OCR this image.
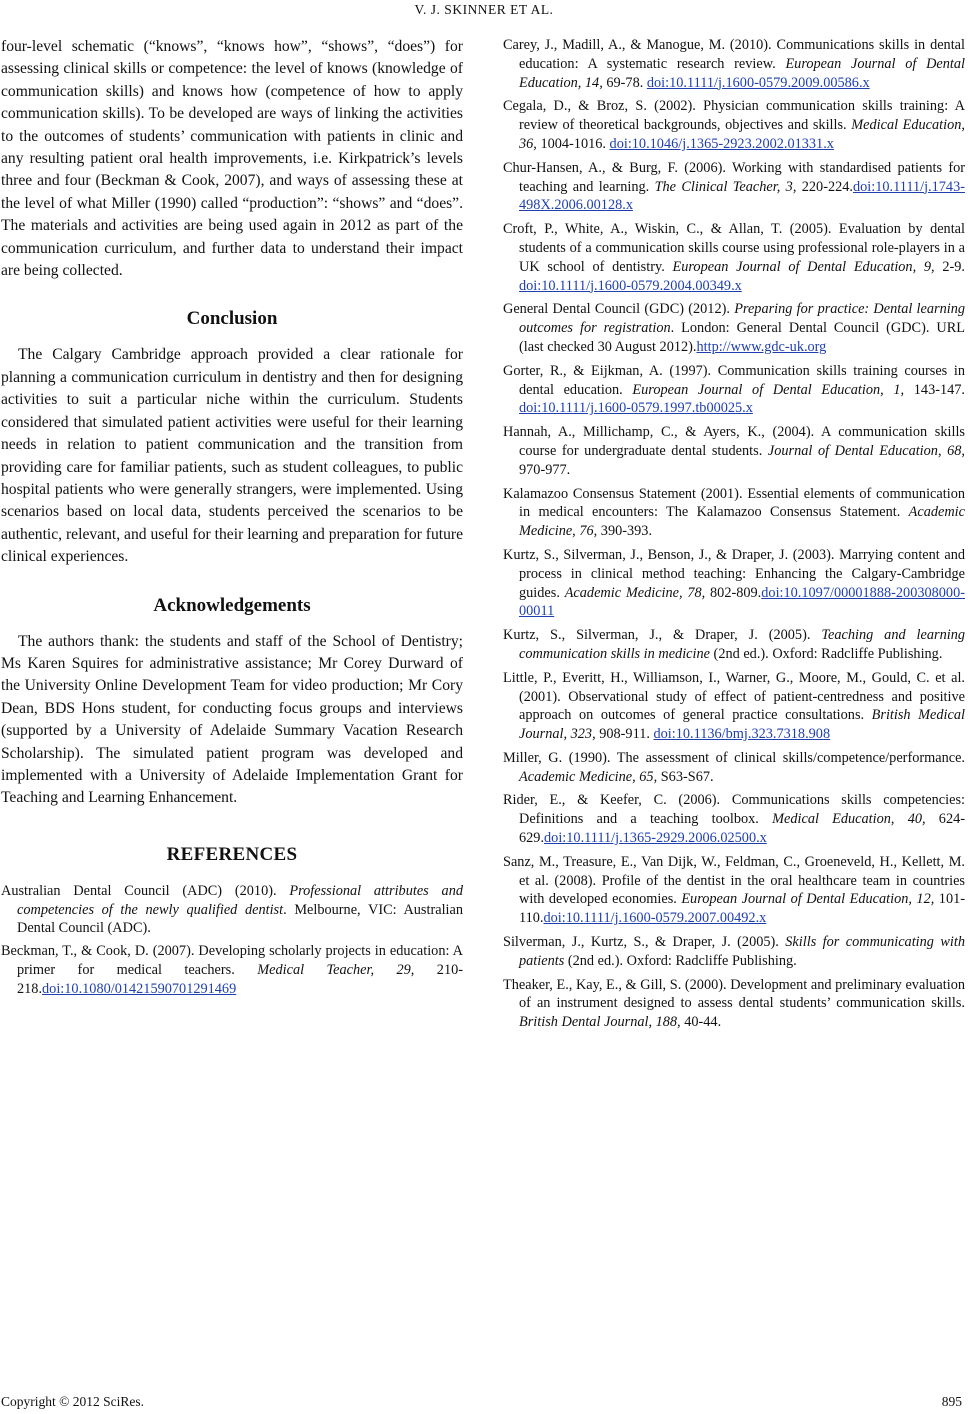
V. J. SKINNER ET AL.

four-level schematic (“knows”, “knows how”, “shows”, “does”) for assessing clinical skills or competence: the level of knows (knowledge of communication skills) and knows how (competence of how to apply communication skills). To be developed are ways of linking the activities to the outcomes of students’ communication with patients in clinic and any resulting patient oral health improvements, i.e. Kirkpatrick’s levels three and four (Beckman & Cook, 2007), and ways of assessing these at the level of what Miller (1990) called “production”: “shows” and “does”. The materials and activities are being used again in 2012 as part of the communication curriculum, and further data to understand their impact are being collected.

Conclusion

The Calgary Cambridge approach provided a clear rationale for planning a communication curriculum in dentistry and then for designing activities to suit a particular niche within the curriculum. Students considered that simulated patient activities were useful for their learning needs in relation to patient communication and the transition from providing care for familiar patients, such as student colleagues, to public hospital patients who were generally strangers, were implemented. Using scenarios based on local data, students perceived the scenarios to be authentic, relevant, and useful for their learning and preparation for future clinical experiences.

Acknowledgements

The authors thank: the students and staff of the School of Dentistry; Ms Karen Squires for administrative assistance; Mr Corey Durward of the University Online Development Team for video production; Mr Cory Dean, BDS Hons student, for conducting focus groups and interviews (supported by a University of Adelaide Summary Vacation Research Scholarship). The simulated patient program was developed and implemented with a University of Adelaide Implementation Grant for Teaching and Learning Enhancement.

REFERENCES

Australian Dental Council (ADC) (2010). Professional attributes and competencies of the newly qualified dentist. Melbourne, VIC: Australian Dental Council (ADC).

Beckman, T., & Cook, D. (2007). Developing scholarly projects in education: A primer for medical teachers. Medical Teacher, 29, 210-218.doi:10.1080/01421590701291469

Carey, J., Madill, A., & Manogue, M. (2010). Communications skills in dental education: A systematic research review. European Journal of Dental Education, 14, 69-78. doi:10.1111/j.1600-0579.2009.00586.x

Cegala, D., & Broz, S. (2002). Physician communication skills training: A review of theoretical backgrounds, objectives and skills. Medical Education, 36, 1004-1016. doi:10.1046/j.1365-2923.2002.01331.x

Chur-Hansen, A., & Burg, F. (2006). Working with standardised patients for teaching and learning. The Clinical Teacher, 3, 220-224.doi:10.1111/j.1743-498X.2006.00128.x

Croft, P., White, A., Wiskin, C., & Allan, T. (2005). Evaluation by dental students of a communication skills course using professional role-players in a UK school of dentistry. European Journal of Dental Education, 9, 2-9. doi:10.1111/j.1600-0579.2004.00349.x

General Dental Council (GDC) (2012). Preparing for practice: Dental learning outcomes for registration. London: General Dental Council (GDC). URL (last checked 30 August 2012).http://www.gdc-uk.org

Gorter, R., & Eijkman, A. (1997). Communication skills training courses in dental education. European Journal of Dental Education, 1, 143-147. doi:10.1111/j.1600-0579.1997.tb00025.x

Hannah, A., Millichamp, C., & Ayers, K., (2004). A communication skills course for undergraduate dental students. Journal of Dental Education, 68, 970-977.

Kalamazoo Consensus Statement (2001). Essential elements of communication in medical encounters: The Kalamazoo Consensus Statement. Academic Medicine, 76, 390-393.

Kurtz, S., Silverman, J., Benson, J., & Draper, J. (2003). Marrying content and process in clinical method teaching: Enhancing the Calgary-Cambridge guides. Academic Medicine, 78, 802-809.doi:10.1097/00001888-200308000-00011

Kurtz, S., Silverman, J., & Draper, J. (2005). Teaching and learning communication skills in medicine (2nd ed.). Oxford: Radcliffe Publishing.

Little, P., Everitt, H., Williamson, I., Warner, G., Moore, M., Gould, C. et al. (2001). Observational study of effect of patient-centredness and positive approach on outcomes of general practice consultations. British Medical Journal, 323, 908-911. doi:10.1136/bmj.323.7318.908

Miller, G. (1990). The assessment of clinical skills/competence/performance. Academic Medicine, 65, S63-S67.

Rider, E., & Keefer, C. (2006). Communications skills competencies: Definitions and a teaching toolbox. Medical Education, 40, 624-629.doi:10.1111/j.1365-2929.2006.02500.x

Sanz, M., Treasure, E., Van Dijk, W., Feldman, C., Groeneveld, H., Kellett, M. et al. (2008). Profile of the dentist in the oral healthcare team in countries with developed economies. European Journal of Dental Education, 12, 101-110.doi:10.1111/j.1600-0579.2007.00492.x

Silverman, J., Kurtz, S., & Draper, J. (2005). Skills for communicating with patients (2nd ed.). Oxford: Radcliffe Publishing.

Theaker, E., Kay, E., & Gill, S. (2000). Development and preliminary evaluation of an instrument designed to assess dental students’ communication skills. British Dental Journal, 188, 40-44.

Copyright © 2012 SciRes.	895
